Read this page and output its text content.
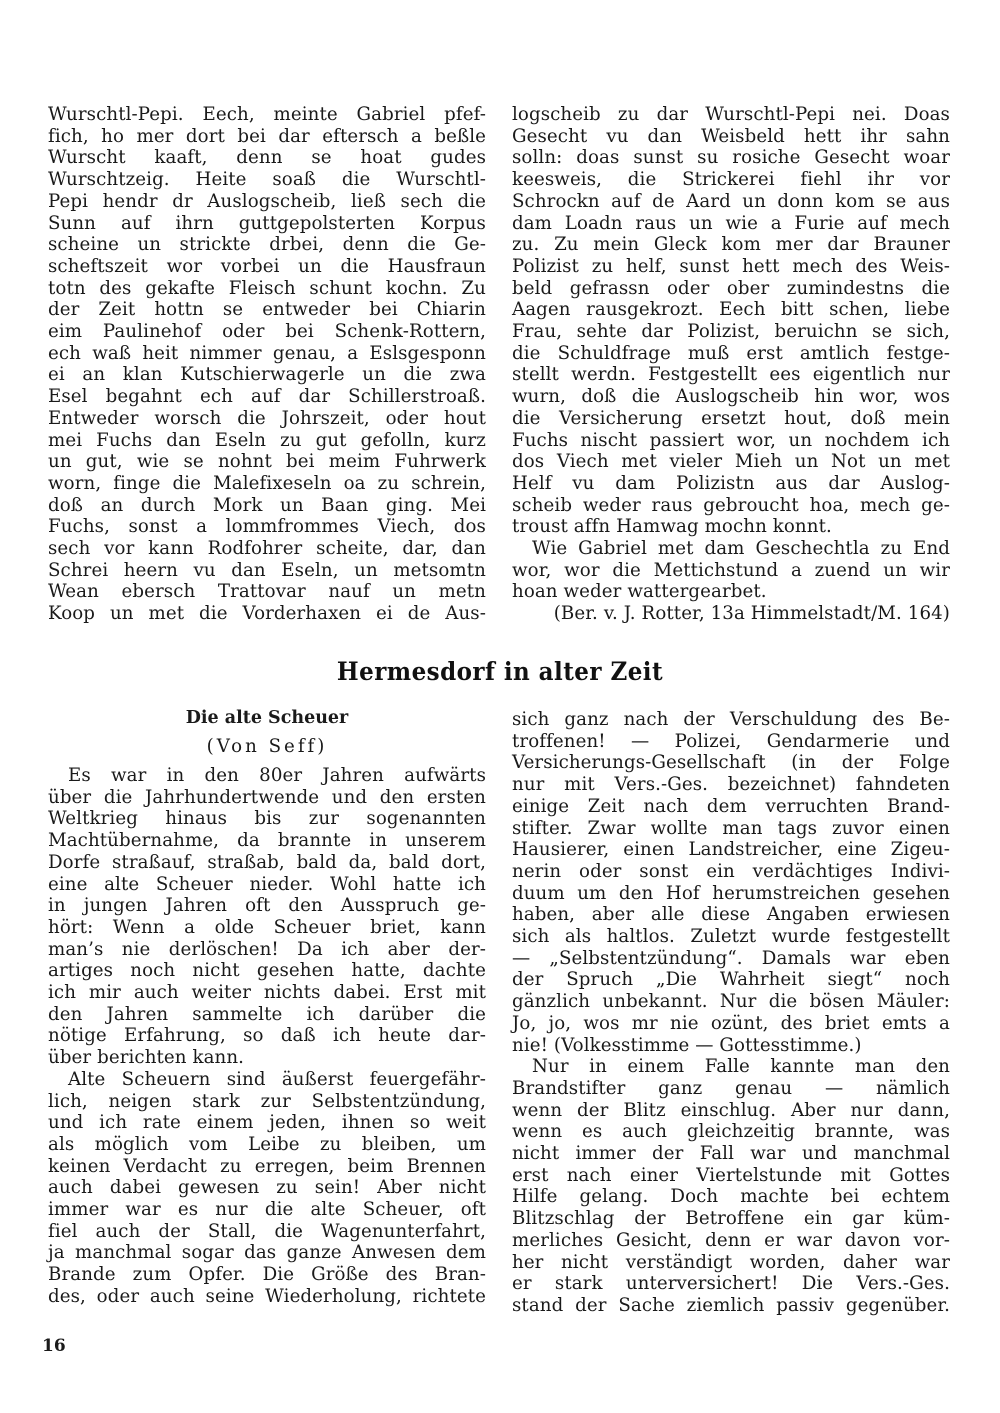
Wurschtl-Pepi. Eech, meinte Gabriel pfef-
fich, ho mer dort bei dar eftersch a beßle
Wurscht kaaft, denn se hoat gudes
Wurschtzeig. Heite soaß die Wurschtl-
Pepi hendr dr Auslogscheib, ließ sech die
Sunn auf ihrn guttgepolsterten Korpus
scheine un strickte drbei, denn die Ge-
scheftszeit wor vorbei un die Hausfraun
totn des gekafte Fleisch schunt kochn. Zu
der Zeit hottn se entweder bei Chiarin
eim Paulinehof oder bei Schenk-Rottern,
ech waß heit nimmer genau, a Eslsgesponn
ei an klan Kutschierwagerle un die zwa
Esel begahnt ech auf dar Schillerstroaß.
Entweder worsch die Johrszeit, oder hout
mei Fuchs dan Eseln zu gut gefolln, kurz
un gut, wie se nohnt bei meim Fuhrwerk
worn, finge die Malefixeseln oa zu schrein,
doß an durch Mork un Baan ging. Mei
Fuchs, sonst a lommfrommes Viech, dos
sech vor kann Rodfohrer scheite, dar, dan
Schrei heern vu dan Eseln, un metsomtn
Wean ebersch Trattovar nauf un metn
Koop un met die Vorderhaxen ei de Aus-
logscheib zu dar Wurschtl-Pepi nei. Doas
Gesecht vu dan Weisbeld hett ihr sahn
solln: doas sunst su rosiche Gesecht woar
keesweis, die Strickerei fiehl ihr vor
Schrockn auf de Aard un donn kom se aus
dam Loadn raus un wie a Furie auf mech
zu. Zu mein Gleck kom mer dar Brauner
Polizist zu helf, sunst hett mech des Weis-
beld gefrassn oder ober zumindestns die
Aagen rausgekrozt. Eech bitt schen, liebe
Frau, sehte dar Polizist, beruichn se sich,
die Schuldfrage muß erst amtlich festge-
stellt werdn. Festgestellt ees eigentlich nur
wurn, doß die Auslogscheib hin wor, wos
die Versicherung ersetzt hout, doß mein
Fuchs nischt passiert wor, un nochdem ich
dos Viech met vieler Mieh un Not un met
Helf vu dam Polizistn aus dar Auslog-
scheib weder raus gebroucht hoa, mech ge-
troust affn Hamwag mochn konnt.
Wie Gabriel met dam Geschechtla zu End
wor, wor die Mettichstund a zuend un wir
hoan weder wattergearbet.
(Ber. v. J. Rotter, 13a Himmelstadt/M. 164)
Hermesdorf in alter Zeit
Die alte Scheuer
(Von Seff)
Es war in den 80er Jahren aufwärts
über die Jahrhundertwende und den ersten
Weltkrieg hinaus bis zur sogenannten
Machtübernahme, da brannte in unserem
Dorfe straßauf, straßab, bald da, bald dort,
eine alte Scheuer nieder. Wohl hatte ich
in jungen Jahren oft den Ausspruch ge-
hört: Wenn a olde Scheuer briet, kann
man’s nie derlöschen! Da ich aber der-
artiges noch nicht gesehen hatte, dachte
ich mir auch weiter nichts dabei. Erst mit
den Jahren sammelte ich darüber die
nötige Erfahrung, so daß ich heute dar-
über berichten kann.
Alte Scheuern sind äußerst feuergefähr-
lich, neigen stark zur Selbstentzündung,
und ich rate einem jeden, ihnen so weit
als möglich vom Leibe zu bleiben, um
keinen Verdacht zu erregen, beim Brennen
auch dabei gewesen zu sein! Aber nicht
immer war es nur die alte Scheuer, oft
fiel auch der Stall, die Wagenunterfahrt,
ja manchmal sogar das ganze Anwesen dem
Brande zum Opfer. Die Größe des Bran-
des, oder auch seine Wiederholung, richtete
sich ganz nach der Verschuldung des Be-
troffenen! — Polizei, Gendarmerie und
Versicherungs-Gesellschaft (in der Folge
nur mit Vers.-Ges. bezeichnet) fahndeten
einige Zeit nach dem verruchten Brand-
stifter. Zwar wollte man tags zuvor einen
Hausierer, einen Landstreicher, eine Zigeu-
nerin oder sonst ein verdächtiges Indivi-
duum um den Hof herumstreichen gesehen
haben, aber alle diese Angaben erwiesen
sich als haltlos. Zuletzt wurde festgestellt
— „Selbstentzündung“. Damals war eben
der Spruch „Die Wahrheit siegt“ noch
gänzlich unbekannt. Nur die bösen Mäuler:
Jo, jo, wos mr nie ozünt, des briet emts a
nie! (Volkesstimme — Gottesstimme.)
Nur in einem Falle kannte man den
Brandstifter ganz genau — nämlich
wenn der Blitz einschlug. Aber nur dann,
wenn es auch gleichzeitig brannte, was
nicht immer der Fall war und manchmal
erst nach einer Viertelstunde mit Gottes
Hilfe gelang. Doch machte bei echtem
Blitzschlag der Betroffene ein gar küm-
merliches Gesicht, denn er war davon vor-
her nicht verständigt worden, daher war
er stark unterversichert! Die Vers.-Ges.
stand der Sache ziemlich passiv gegenüber.
16
